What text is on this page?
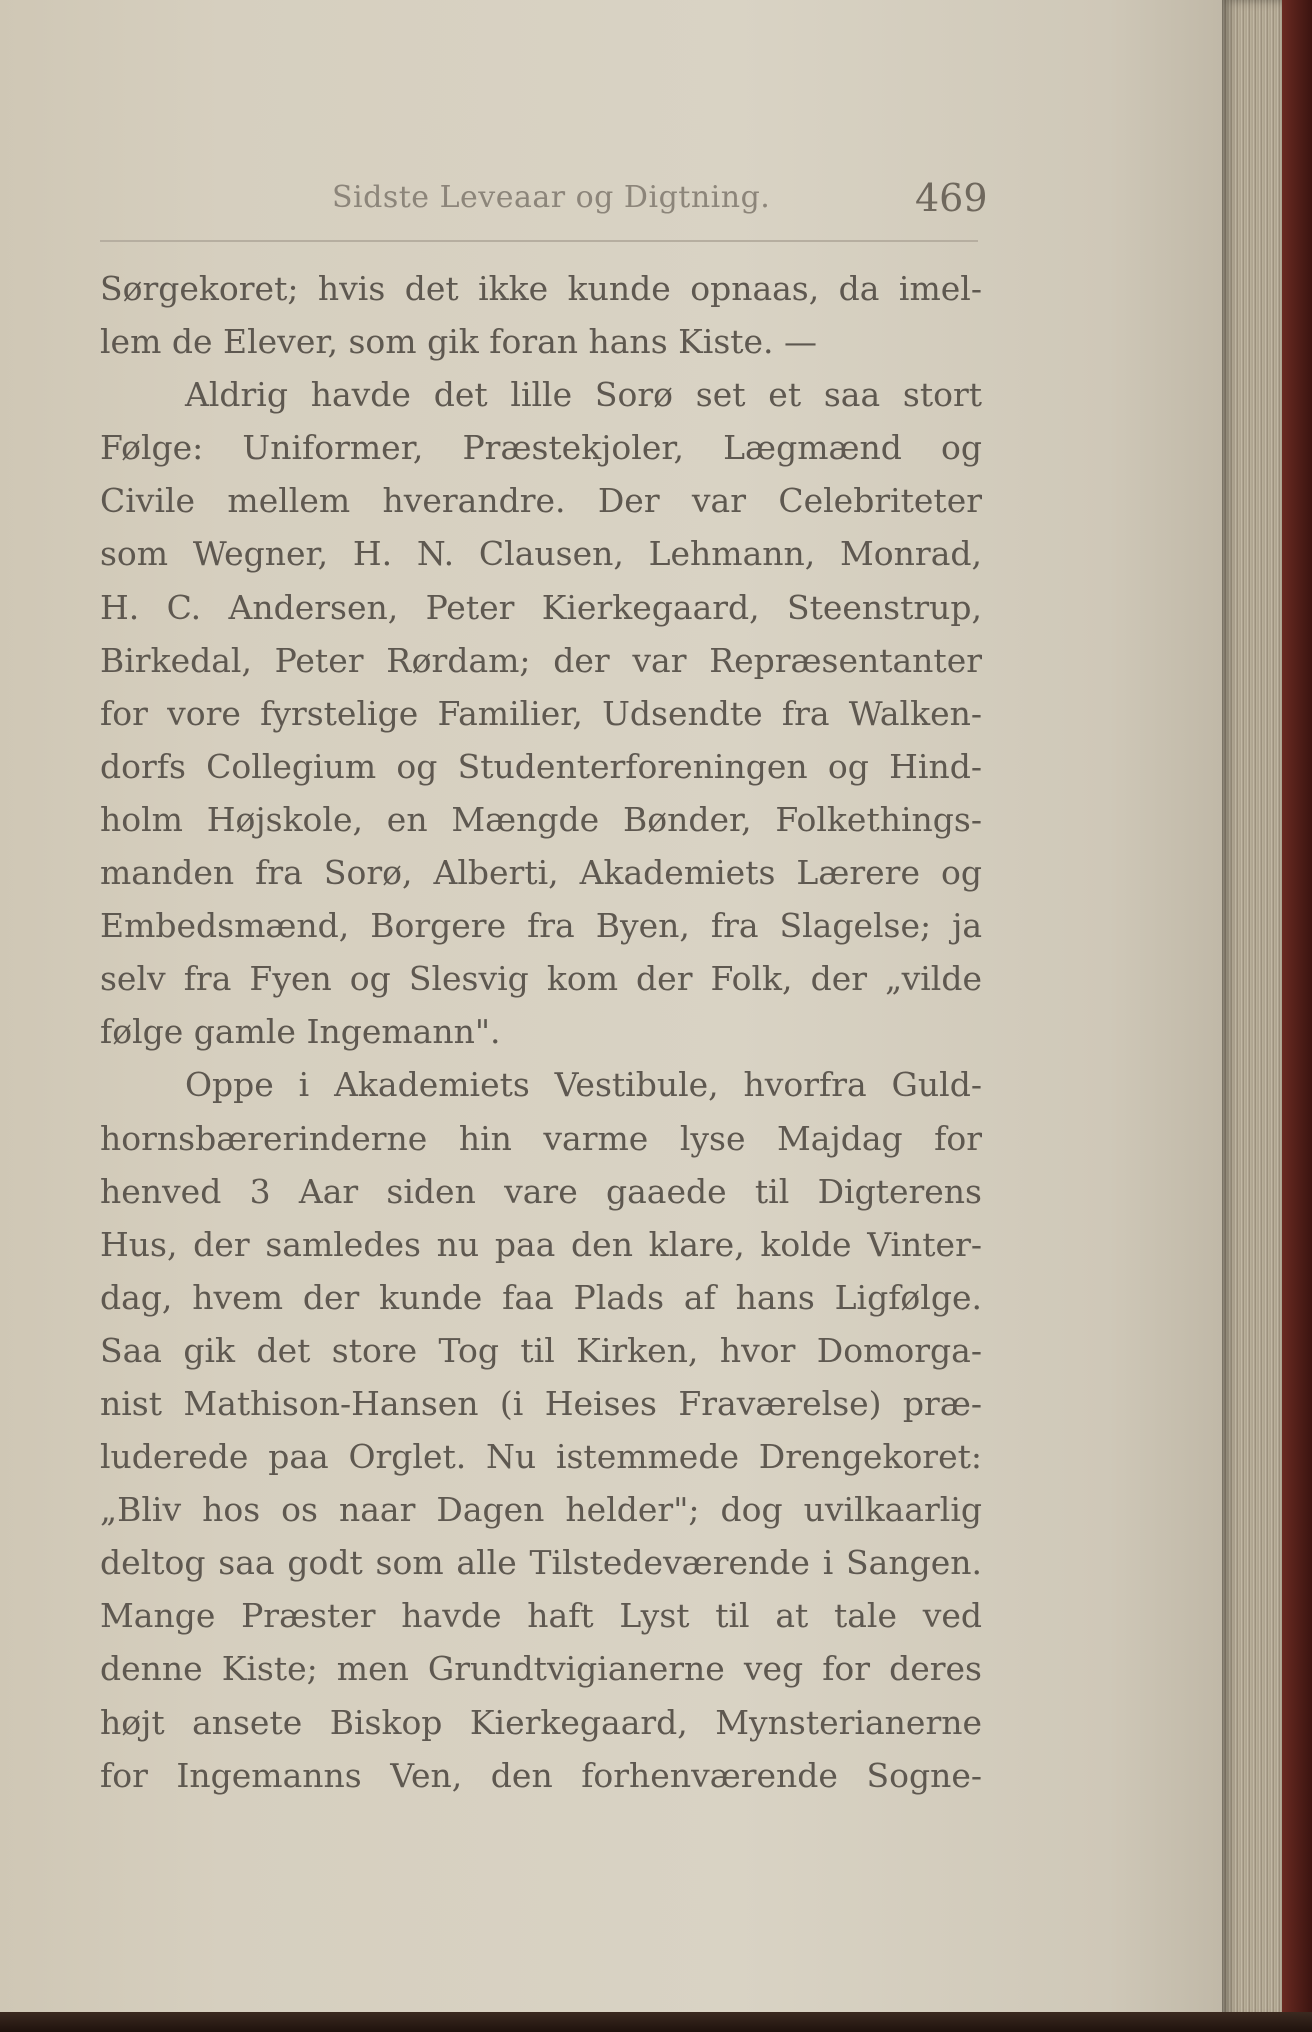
Sidste Leveaar og Digtning.	469
Sørgekoret; hvis det ikke kunde opnaas, da imel-
lem de Elever, som gik foran hans Kiste. —
Aldrig havde det lille Sorø set et saa stort
Følge: Uniformer, Præstekjoler, Lægmænd og
Civile mellem hverandre. Der var Celebriteter
som Wegner, H. N. Clausen, Lehmann, Monrad,
H. C. Andersen, Peter Kierkegaard, Steenstrup,
Birkedal, Peter Rørdam; der var Repræsentanter
for vore fyrstelige Familier, Udsendte fra Walken-
dorfs Collegium og Studenterforeningen og Hind-
holm Højskole, en Mængde Bønder, Folkethings-
manden fra Sorø, Alberti, Akademiets Lærere og
Embedsmænd, Borgere fra Byen, fra Slagelse; ja
selv fra Fyen og Slesvig kom der Folk, der „vilde
følge gamle Ingemann".
Oppe i Akademiets Vestibule, hvorfra Guld-
hornsbærerinderne hin varme lyse Majdag for
henved 3 Aar siden vare gaaede til Digterens
Hus, der samledes nu paa den klare, kolde Vinter-
dag, hvem der kunde faa Plads af hans Ligfølge.
Saa gik det store Tog til Kirken, hvor Domorga-
nist Mathison-Hansen (i Heises Fraværelse) præ-
luderede paa Orglet. Nu istemmede Drengekoret:
„Bliv hos os naar Dagen helder"; dog uvilkaarlig
deltog saa godt som alle Tilstedeværende i Sangen.
Mange Præster havde haft Lyst til at tale ved
denne Kiste; men Grundtvigianerne veg for deres
højt ansete Biskop Kierkegaard, Mynsterianerne
for Ingemanns Ven, den forhenværende Sogne-
